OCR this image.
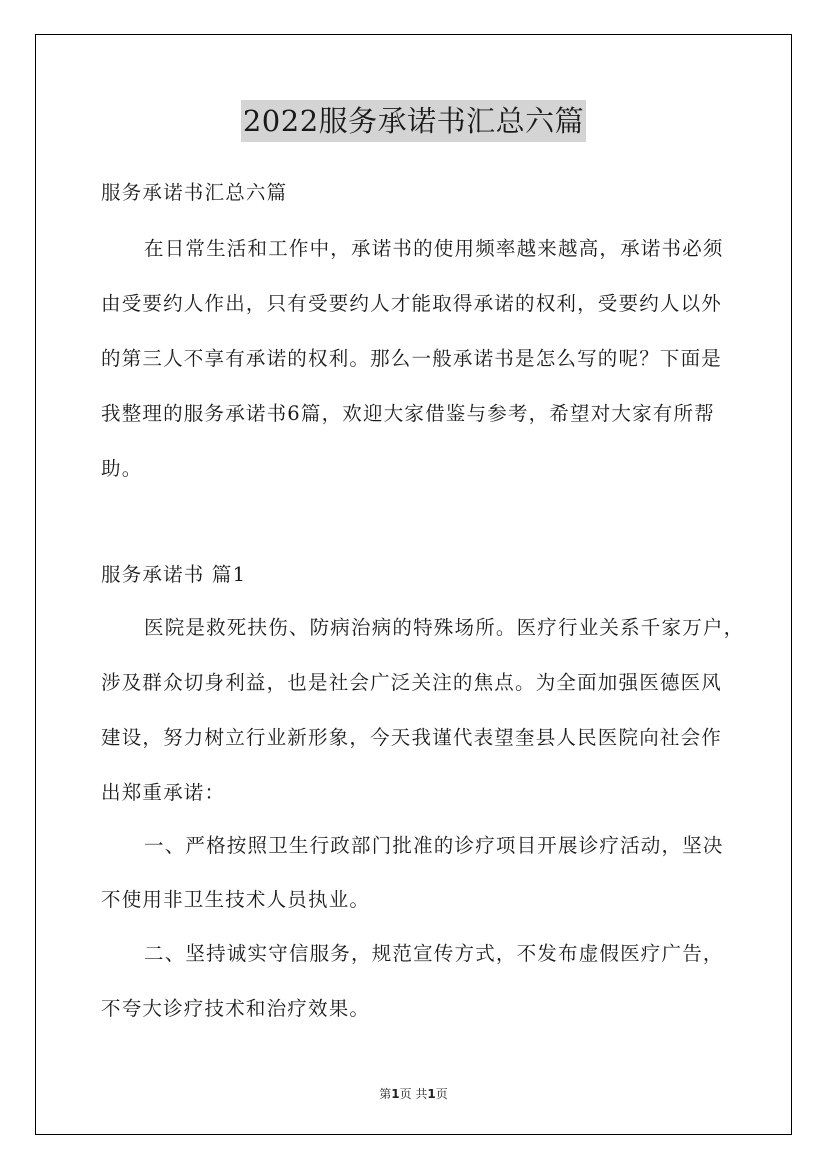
2022服务承诺书汇总六篇
服务承诺书汇总六篇
在日常生活和工作中，承诺书的使用频率越来越高，承诺书必须
由受要约人作出，只有受要约人才能取得承诺的权利，受要约人以外
的第三人不享有承诺的权利。那么一般承诺书是怎么写的呢？下面是
我整理的服务承诺书6篇，欢迎大家借鉴与参考，希望对大家有所帮
助。
服务承诺书 篇1
医院是救死扶伤、防病治病的特殊场所。医疗行业关系千家万户，
涉及群众切身利益，也是社会广泛关注的焦点。为全面加强医德医风
建设，努力树立行业新形象，今天我谨代表望奎县人民医院向社会作
出郑重承诺：
一、严格按照卫生行政部门批准的诊疗项目开展诊疗活动，坚决
不使用非卫生技术人员执业。
二、坚持诚实守信服务，规范宣传方式，不发布虚假医疗广告，
不夸大诊疗技术和治疗效果。
第1页 共1页
